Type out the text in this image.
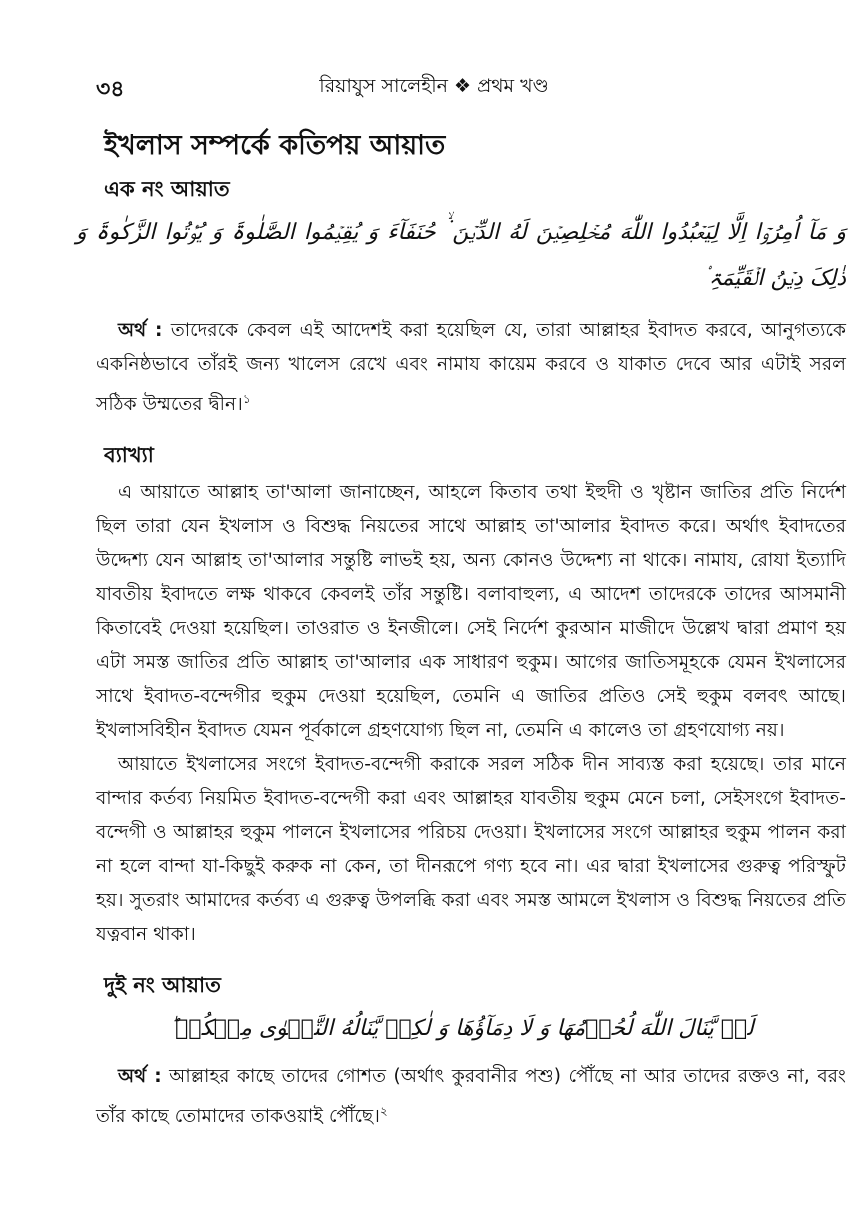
৩৪	রিয়াযুস সালেহীন ❖ প্রথম খণ্ড
ইখলাস সম্পর্কে কতিপয় আয়াত
এক নং আয়াত
وَ مَآ اُمِرُوۡٓا اِلَّا لِیَعۡبُدُوا اللّٰهَ مُخۡلِصِیۡنَ لَهُ الدِّیۡنَ ۬ۙ حُنَفَآءَ وَ یُقِیۡمُوا الصَّلٰوۃَ وَ یُؤۡتُوا الزَّکٰوۃَ وَ ذٰلِکَ دِیۡنُ الۡقَیِّمَۃِ ۟

অর্থ : তাদেরকে কেবল এই আদেশই করা হয়েছিল যে, তারা আল্লাহর ইবাদত করবে, আনুগত্যকে একনিষ্ঠভাবে তাঁরই জন্য খালেস রেখে এবং নামায কায়েম করবে ও যাকাত দেবে আর এটাই সরল সঠিক উম্মতের দ্বীন।$^১$

ব্যাখ্যা

এ আয়াতে আল্লাহ তা'আলা জানাচ্ছেন, আহলে কিতাব তথা ইহুদী ও খৃষ্টান জাতির প্রতি নির্দেশ ছিল তারা যেন ইখলাস ও বিশুদ্ধ নিয়তের সাথে আল্লাহ তা'আলার ইবাদত করে। অর্থাৎ ইবাদতের উদ্দেশ্য যেন আল্লাহ তা'আলার সন্তুষ্টি লাভই হয়, অন্য কোনও উদ্দেশ্য না থাকে। নামায, রোযা ইত্যাদি যাবতীয় ইবাদতে লক্ষ থাকবে কেবলই তাঁর সন্তুষ্টি। বলাবাহুল্য, এ আদেশ তাদেরকে তাদের আসমানী কিতাবেই দেওয়া হয়েছিল। তাওরাত ও ইনজীলে। সেই নির্দেশ কুরআন মাজীদে উল্লেখ দ্বারা প্রমাণ হয় এটা সমস্ত জাতির প্রতি আল্লাহ তা'আলার এক সাধারণ হুকুম। আগের জাতিসমূহকে যেমন ইখলাসের সাথে ইবাদত-বন্দেগীর হুকুম দেওয়া হয়েছিল, তেমনি এ জাতির প্রতিও সেই হুকুম বলবৎ আছে। ইখলাসবিহীন ইবাদত যেমন পূর্বকালে গ্রহণযোগ্য ছিল না, তেমনি এ কালেও তা গ্রহণযোগ্য নয়।

আয়াতে ইখলাসের সংগে ইবাদত-বন্দেগী করাকে সরল সঠিক দীন সাব্যস্ত করা হয়েছে। তার মানে বান্দার কর্তব্য নিয়মিত ইবাদত-বন্দেগী করা এবং আল্লাহর যাবতীয় হুকুম মেনে চলা, সেইসংগে ইবাদত-বন্দেগী ও আল্লাহর হুকুম পালনে ইখলাসের পরিচয় দেওয়া। ইখলাসের সংগে আল্লাহর হুকুম পালন করা না হলে বান্দা যা-কিছুই করুক না কেন, তা দীনরূপে গণ্য হবে না। এর দ্বারা ইখলাসের গুরুত্ব পরিস্ফুট হয়। সুতরাং আমাদের কর্তব্য এ গুরুত্ব উপলব্ধি করা এবং সমস্ত আমলে ইখলাস ও বিশুদ্ধ নিয়তের প্রতি যত্নবান থাকা।

দুই নং আয়াত
لَنۡ یَّنَالَ اللّٰهَ لُحُوۡمُهَا وَ لَا دِمَآؤُهَا وَ لٰکِنۡ یَّنَالُهُ التَّقۡوٰی مِنۡکُمۡ ؕ

অর্থ : আল্লাহর কাছে তাদের গোশত (অর্থাৎ কুরবানীর পশু) পৌঁছে না আর তাদের রক্তও না, বরং তাঁর কাছে তোমাদের তাকওয়াই পৌঁছে।$^২$
